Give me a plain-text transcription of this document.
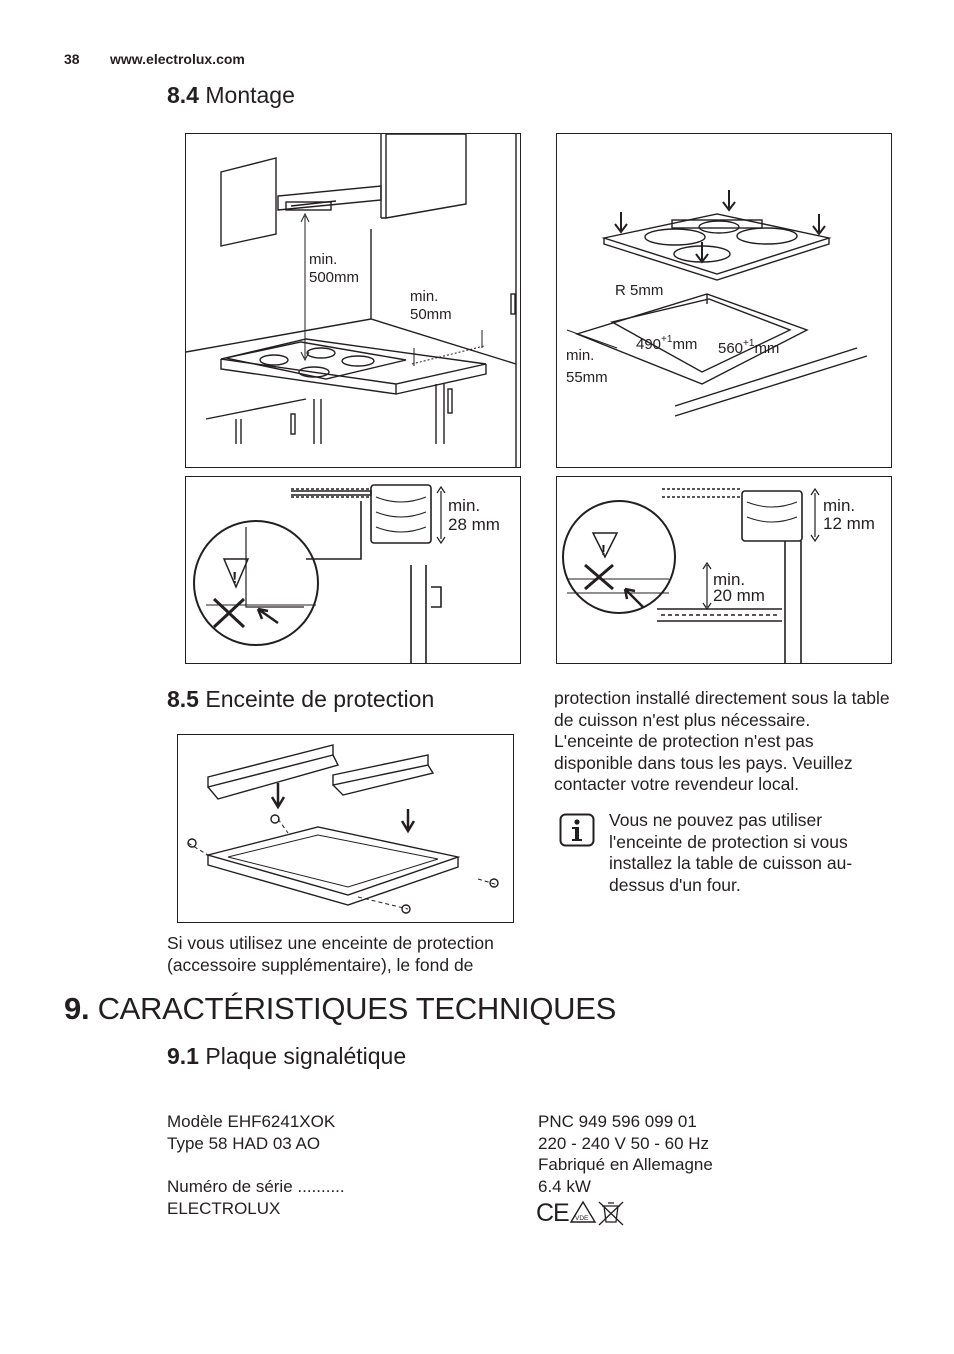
38 www.electrolux.com
8.4 Montage
min.
500mm
min.
50mm
R 5mm
$490^{+1}mm$ $560^{+1}mm$
min.
55mm
!
min.
28 mm
!
min.
12 mm
min.
20 mm
8.5 Enceinte de protection

Si vous utilisez une enceinte de protection (accessoire supplémentaire), le fond de

protection installé directement sous la table de cuisson n'est plus nécessaire. L'enceinte de protection n'est pas disponible dans tous les pays. Veuillez contacter votre revendeur local.

Vous ne pouvez pas utiliser l'enceinte de protection si vous installez la table de cuisson au-dessus d'un four.

9. CARACTÉRISTIQUES TECHNIQUES
9.1 Plaque signalétique
Modèle EHF6241XOK
Type 58 HAD 03 AO
Numéro de série ..........
ELECTROLUX
PNC 949 596 099 01
220 - 240 V 50 - 60 Hz
Fabriqué en Allemagne
6.4 kW
CE VDE
